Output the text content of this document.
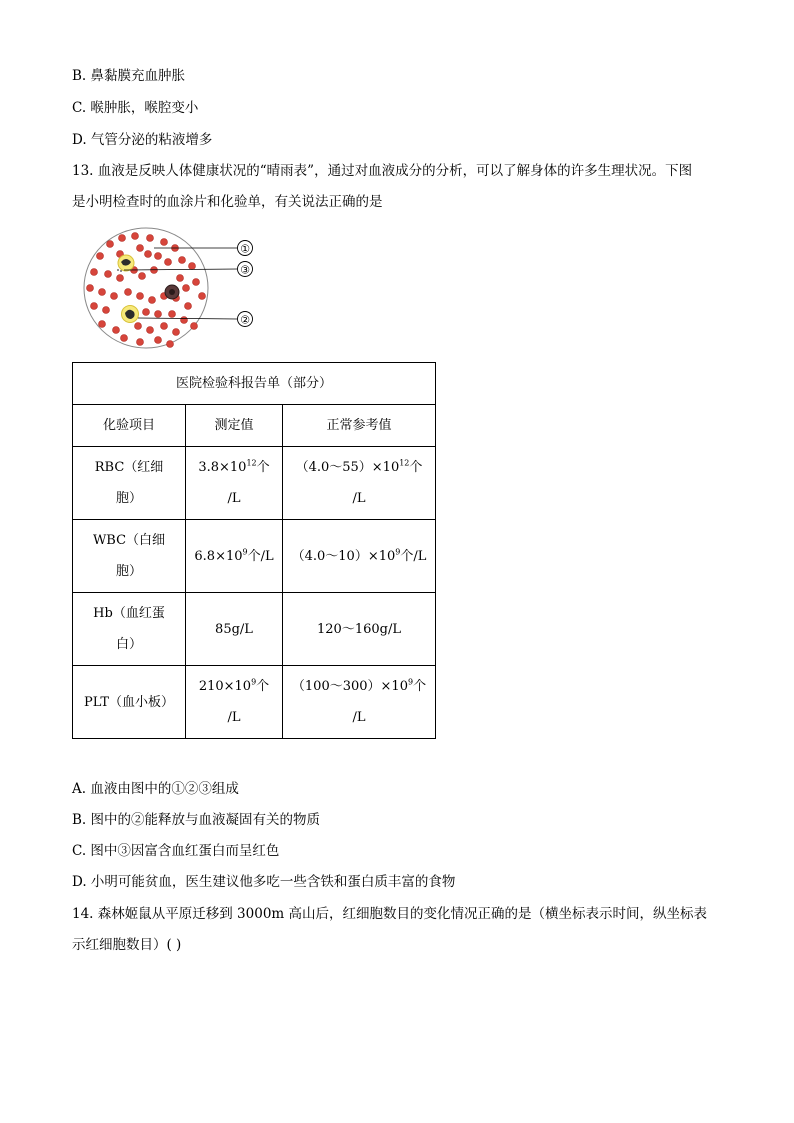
B. 鼻黏膜充血肿胀
C. 喉肿胀，喉腔变小
D. 气管分泌的粘液增多
13. 血液是反映人体健康状况的“晴雨表”，通过对血液成分的分析，可以了解身体的许多生理状况。下图
是小明检查时的血涂片和化验单，有关说法正确的是
①
③
②
医院检验科报告单（部分）		
化验项目	测定值	正常参考值
RBC（红细
胞）	$3.8\times 10^{12}$个
/L	$(4.0\sim 55)\times 10^{12}$个
/L
WBC（白细
胞）	$6.8\times 10^9$个/L	$(4.0\sim 10)\times 10^9$个/L
Hb（血红蛋
白）	85g/L	120～160g/L
PLT（血小板）	$210\times 10^9$个
/L	$(100\sim 300)\times 10^9$个
/L
A. 血液由图中的①②③组成
B. 图中的②能释放与血液凝固有关的物质
C. 图中③因富含血红蛋白而呈红色
D. 小明可能贫血，医生建议他多吃一些含铁和蛋白质丰富的食物
14. 森林姬鼠从平原迁移到 3000m 高山后，红细胞数目的变化情况正确的是（横坐标表示时间，纵坐标表
示红细胞数目）( )
